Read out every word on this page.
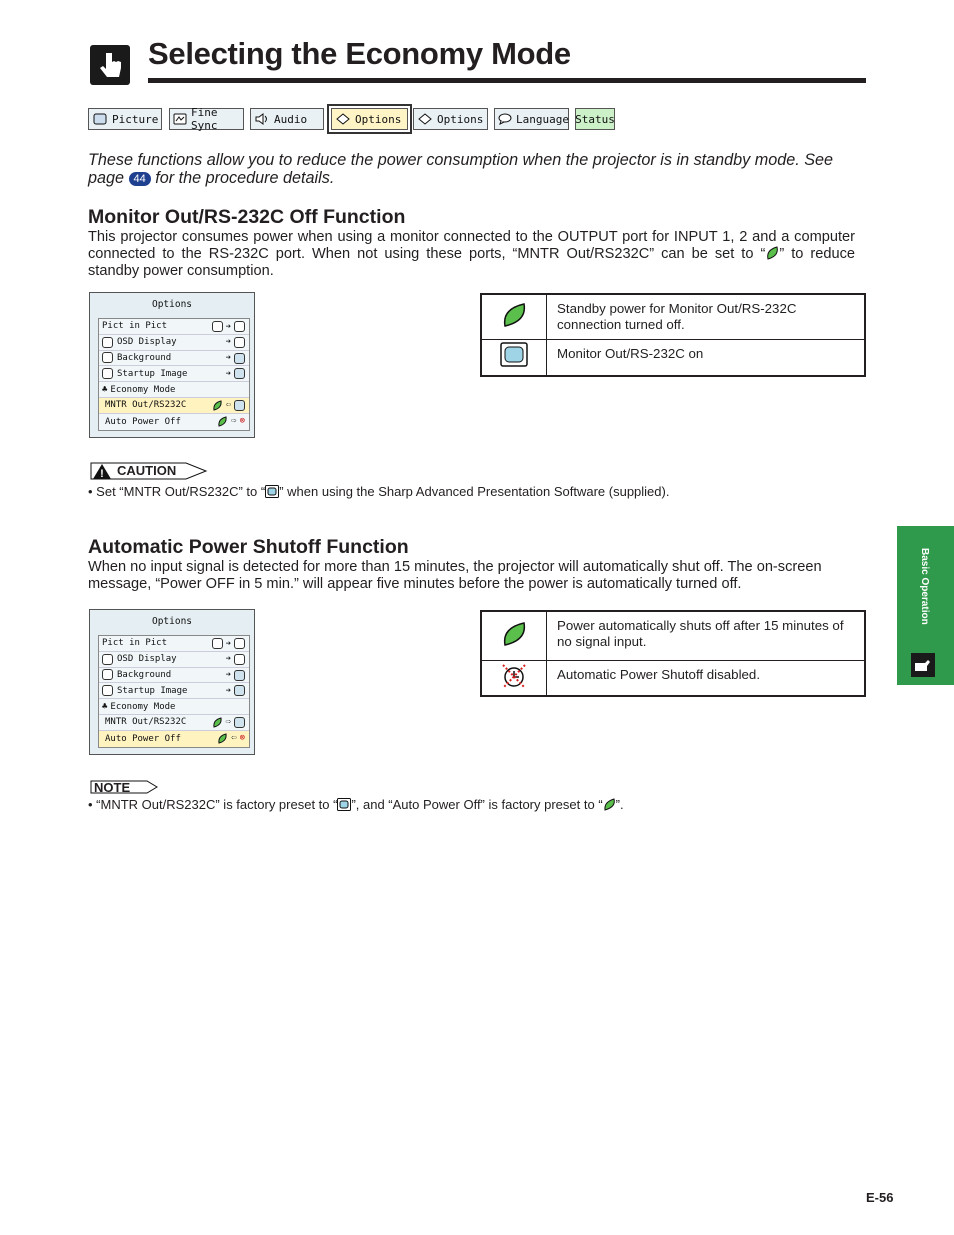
Selecting the Economy Mode
Picture	Fine Sync	Audio	Options	Options	Language Status
These functions allow you to reduce the power consumption when the projector is in standby mode. See page 44 for the procedure details.
Monitor Out/RS-232C Off Function
This projector consumes power when using a monitor connected to the OUTPUT port for INPUT 1, 2 and a computer connected to the RS-232C port. When not using these ports, “MNTR Out/RS232C” can be set to “ ” to reduce standby power consumption.
Options
Pict in Pict	➔
OSD Display	➔
Background	➔
Startup Image	➔
♣ Economy Mode
MNTR Out/RS232C	⇦
Auto Power Off	⇨ ⊗
	Standby power for Monitor Out/RS-232C connection turned off.
	Monitor Out/RS-232C on
! CAUTION
• Set “MNTR Out/RS232C” to “ ” when using the Sharp Advanced Presentation Software (supplied).
Automatic Power Shutoff Function
When no input signal is detected for more than 15 minutes, the projector will automatically shut off. The on-screen message, “Power OFF in 5 min.” will appear five minutes before the power is automatically turned off.
Options
Pict in Pict	➔
OSD Display	➔
Background	➔
Startup Image	➔
♣ Economy Mode
MNTR Out/RS232C	⇨
Auto Power Off	⇦ ⊗
	Power automatically shuts off after 15 minutes of no signal input.
	Automatic Power Shutoff disabled.
NOTE
• “MNTR Out/RS232C” is factory preset to “ ”, and “Auto Power Off” is factory preset to “ ”.
Basic Operation
E-56
